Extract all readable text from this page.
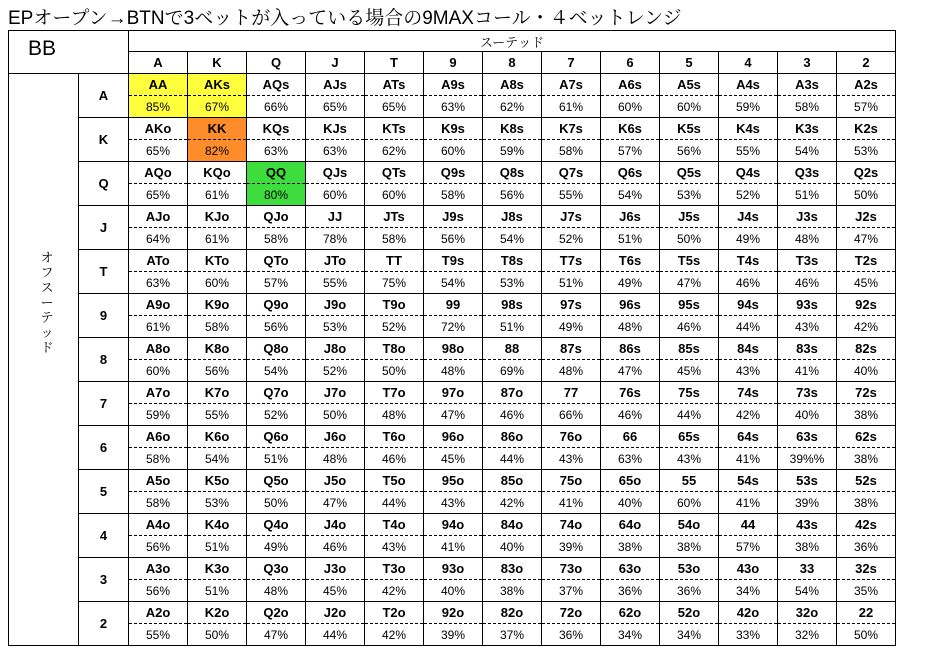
EPオープン→BTNで3ベットが入っている場合の9MAXコール・４ベットレンジ
BB
オ
フ
ス
ー
テ
ッ
ド
		スーテッド												
		A	K	Q	J	T	9	8	7	6	5	4	3	2
	A	AA	AKs	AQs	AJs	ATs	A9s	A8s	A7s	A6s	A5s	A4s	A3s	A2s
		85%	67%	66%	65%	65%	63%	62%	61%	60%	60%	59%	58%	57%
	K	AKo	KK	KQs	KJs	KTs	K9s	K8s	K7s	K6s	K5s	K4s	K3s	K2s
		65%	82%	63%	63%	62%	60%	59%	58%	57%	56%	55%	54%	53%
	Q	AQo	KQo	QQ	QJs	QTs	Q9s	Q8s	Q7s	Q6s	Q5s	Q4s	Q3s	Q2s
		65%	61%	80%	60%	60%	58%	56%	55%	54%	53%	52%	51%	50%
	J	AJo	KJo	QJo	JJ	JTs	J9s	J8s	J7s	J6s	J5s	J4s	J3s	J2s
		64%	61%	58%	78%	58%	56%	54%	52%	51%	50%	49%	48%	47%
	T	ATo	KTo	QTo	JTo	TT	T9s	T8s	T7s	T6s	T5s	T4s	T3s	T2s
		63%	60%	57%	55%	75%	54%	53%	51%	49%	47%	46%	46%	45%
	9	A9o	K9o	Q9o	J9o	T9o	99	98s	97s	96s	95s	94s	93s	92s
		61%	58%	56%	53%	52%	72%	51%	49%	48%	46%	44%	43%	42%
	8	A8o	K8o	Q8o	J8o	T8o	98o	88	87s	86s	85s	84s	83s	82s
		60%	56%	54%	52%	50%	48%	69%	48%	47%	45%	43%	41%	40%
	7	A7o	K7o	Q7o	J7o	T7o	97o	87o	77	76s	75s	74s	73s	72s
		59%	55%	52%	50%	48%	47%	46%	66%	46%	44%	42%	40%	38%
	6	A6o	K6o	Q6o	J6o	T6o	96o	86o	76o	66	65s	64s	63s	62s
		58%	54%	51%	48%	46%	45%	44%	43%	63%	43%	41%	39%%	38%
	5	A5o	K5o	Q5o	J5o	T5o	95o	85o	75o	65o	55	54s	53s	52s
		58%	53%	50%	47%	44%	43%	42%	41%	40%	60%	41%	39%	38%
	4	A4o	K4o	Q4o	J4o	T4o	94o	84o	74o	64o	54o	44	43s	42s
		56%	51%	49%	46%	43%	41%	40%	39%	38%	38%	57%	38%	36%
	3	A3o	K3o	Q3o	J3o	T3o	93o	83o	73o	63o	53o	43o	33	32s
		56%	51%	48%	45%	42%	40%	38%	37%	36%	36%	34%	54%	35%
	2	A2o	K2o	Q2o	J2o	T2o	92o	82o	72o	62o	52o	42o	32o	22
		55%	50%	47%	44%	42%	39%	37%	36%	34%	34%	33%	32%	50%
